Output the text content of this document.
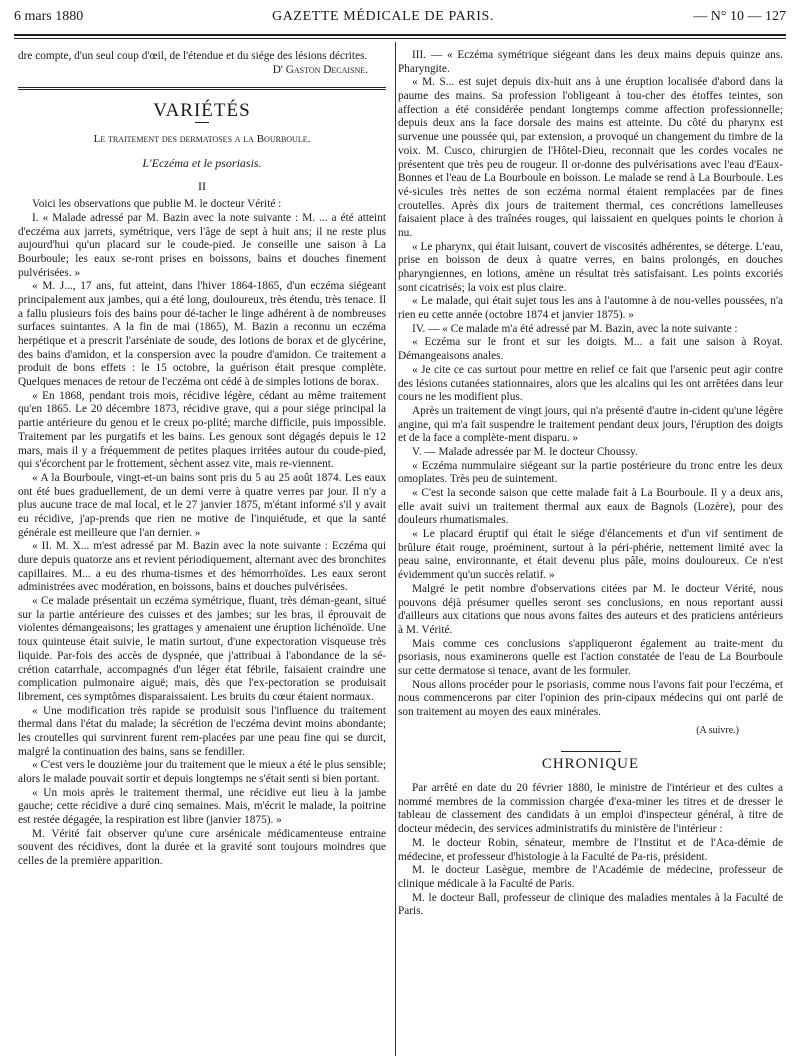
6 mars 1880	GAZETTE MÉDICALE DE PARIS.	— N° 10 — 127

dre compte, d'un seul coup d'œil, de l'étendue et du siége des lésions décrites.

D' Gaston Decaisne.

VARIÉTÉS
Le traitement des dermatoses a la Bourboule.
L'Eczéma et le psoriasis.
II

Voici les observations que publie M. le docteur Vérité :

I. « Malade adressé par M. Bazin avec la note suivante : M. ... a été atteint d'eczéma aux jarrets, symétrique, vers l'âge de sept à huit ans; il ne reste plus aujourd'hui qu'un placard sur le coude-pied. Je conseille une saison à La Bourboule; les eaux se-ront prises en boissons, bains et douches finement pulvérisées. »

« M. J..., 17 ans, fut atteint, dans l'hiver 1864-1865, d'un eczéma siégeant principalement aux jambes, qui a été long, douloureux, très étendu, très tenace. Il a fallu plusieurs fois des bains pour dé-tacher le linge adhérent à de nombreuses surfaces suintantes. A la fin de mai (1865), M. Bazin a reconnu un eczéma herpétique et a prescrit l'arséniate de soude, des lotions de borax et de glycérine, des bains d'amidon, et la conspersion avec la poudre d'amidon. Ce traitement a produit de bons effets : le 15 octobre, la guérison était presque complète. Quelques menaces de retour de l'eczéma ont cédé à de simples lotions de borax.

« En 1868, pendant trois mois, récidive légère, cédant au même traitement qu'en 1865. Le 20 décembre 1873, récidive grave, qui a pour siége principal la partie antérieure du genou et le creux po-plité; marche difficile, puis impossible. Traitement par les purgatifs et les bains. Les genoux sont dégagés depuis le 12 mars, mais il y a fréquemment de petites plaques irritées autour du coude-pied, qui s'écorchent par le frottement, sèchent assez vite, mais re-viennent.

« A la Bourboule, vingt-et-un bains sont pris du 5 au 25 août 1874. Les eaux ont été bues graduellement, de un demi verre à quatre verres par jour. Il n'y a plus aucune trace de mal local, et le 27 janvier 1875, m'étant informé s'il y avait eu récidive, j'ap-prends que rien ne motive de l'inquiétude, et que la santé générale est meilleure que l'an dernier. »

« II. M. X... m'est adressé par M. Bazin avec la note suivante : Eczéma qui dure depuis quatorze ans et revient périodiquement, alternant avec des bronchites capillaires. M... a eu des rhuma-tismes et des hémorrhoïdes. Les eaux seront administrées avec modération, en boissons, bains et douches pulvérisées.

« Ce malade présentait un eczéma symétrique, fluant, très déman-geant, situé sur la partie antérieure des cuisses et des jambes; sur les bras, il éprouvait de violentes démangeaisons; les grattages y amenaient une éruption lichénoïde. Une toux quinteuse était suivie, le matin surtout, d'une expectoration visqueuse très liquide. Par-fois des accès de dyspnée, que j'attribuai à l'abondance de la sé-crétion catarrhale, accompagnés d'un léger état fébrile, faisaient craindre une complication pulmonaire aiguë; mais, dès que l'ex-pectoration se produisait librement, ces symptômes disparaissaient. Les bruits du cœur étaient normaux.

« Une modification très rapide se produisit sous l'influence du traitement thermal dans l'état du malade; la sécrétion de l'eczéma devint moins abondante; les croutelles qui survinrent furent rem-placées par une peau fine qui se durcit, malgré la continuation des bains, sans se fendiller.

« C'est vers le douzième jour du traitement que le mieux a été le plus sensible; alors le malade pouvait sortir et depuis longtemps ne s'était senti si bien portant.

« Un mois après le traitement thermal, une récidive eut lieu à la jambe gauche; cette récidive a duré cinq semaines. Mais, m'écrit le malade, la poitrine est restée dégagée, la respiration est libre (janvier 1875). »

M. Vérité fait observer qu'une cure arsénicale médicamenteuse entraine souvent des récidives, dont la durée et la gravité sont toujours moindres que celles de la première apparition.

III. — « Eczéma symétrique siégeant dans les deux mains depuis quinze ans. Pharyngite.

« M. S... est sujet depuis dix-huit ans à une éruption localisée d'abord dans la paume des mains. Sa profession l'obligeant à tou-cher des étoffes teintes, son affection a été considérée pendant longtemps comme affection professionnelle; depuis deux ans la face dorsale des mains est atteinte. Du côté du pharynx est survenue une poussée qui, par extension, a provoqué un changement du timbre de la voix. M. Cusco, chirurgien de l'Hôtel-Dieu, reconnait que les cordes vocales ne présentent que très peu de rougeur. Il or-donne des pulvérisations avec l'eau d'Eaux-Bonnes et l'eau de La Bourboule en boisson. Le malade se rend à La Bourboule. Les vé-sicules très nettes de son eczéma normal étaient remplacées par de fines croutelles. Après dix jours de traitement thermal, ces concrétions lamelleuses faisaient place à des traînées rouges, qui laissaient en quelques points le chorion à nu.

« Le pharynx, qui était luisant, couvert de viscosités adhérentes, se déterge. L'eau, prise en boisson de deux à quatre verres, en bains prolongés, en douches pharyngiennes, en lotions, amène un résultat très satisfaisant. Les points excoriés sont cicatrisés; la voix est plus claire.

« Le malade, qui était sujet tous les ans à l'automne à de nou-velles poussées, n'a rien eu cette année (octobre 1874 et janvier 1875). »

IV. — « Ce malade m'a été adressé par M. Bazin, avec la note suivante :

« Eczéma sur le front et sur les doigts. M... a fait une saison à Royat. Démangeaisons anales.

« Je cite ce cas surtout pour mettre en relief ce fait que l'arsenic peut agir contre des lésions cutanées stationnaires, alors que les alcalins qui les ont arrêtées dans leur cours ne les modifient plus.

Après un traitement de vingt jours, qui n'a présenté d'autre in-cident qu'une légère angine, qui m'a fait suspendre le traitement pendant deux jours, l'éruption des doigts et de la face a complète-ment disparu. »

V. — Malade adressée par M. le docteur Choussy.

« Eczéma nummulaire siégeant sur la partie postérieure du tronc entre les deux omoplates. Très peu de suintement.

« C'est la seconde saison que cette malade fait à La Bourboule. Il y a deux ans, elle avait suivi un traitement thermal aux eaux de Bagnols (Lozère), pour des douleurs rhumatismales.

« Le placard éruptif qui était le siége d'élancements et d'un vif sentiment de brûlure était rouge, proéminent, surtout à la péri-phérie, nettement limité avec la peau saine, environnante, et était devenu plus pâle, moins douloureux. Ce n'est évidemment qu'un succès relatif. »

Malgré le petit nombre d'observations citées par M. le docteur Vérité, nous pouvons déjà présumer quelles seront ses conclusions, en nous reportant aussi d'ailleurs aux citations que nous avons faites des auteurs et des praticiens antérieurs à M. Vérité.

Mais comme ces conclusions s'appliqueront également au traite-ment du psoriasis, nous examinerons quelle est l'action constatée de l'eau de La Bourboule sur cette dermatose si tenace, avant de les formuler.

Nous allons procéder pour le psoriasis, comme nous l'avons fait pour l'eczéma, et nous commencerons par citer l'opinion des prin-cipaux médecins qui ont parlé de son traitement au moyen des eaux minérales.

(A suivre.)
CHRONIQUE

Par arrêté en date du 20 février 1880, le ministre de l'intérieur et des cultes a nommé membres de la commission chargée d'exa-miner les titres et de dresser le tableau de classement des candidats à un emploi d'inspecteur général, à titre de docteur médecin, des services administratifs du ministère de l'intérieur :

M. le docteur Robin, sénateur, membre de l'Institut et de l'Aca-démie de médecine, et professeur d'histologie à la Faculté de Pa-ris, président.

M. le docteur Lasègue, membre de l'Académie de médecine, professeur de clinique médicale à la Faculté de Paris.

M. le docteur Ball, professeur de clinique des maladies mentales à la Faculté de Paris.
